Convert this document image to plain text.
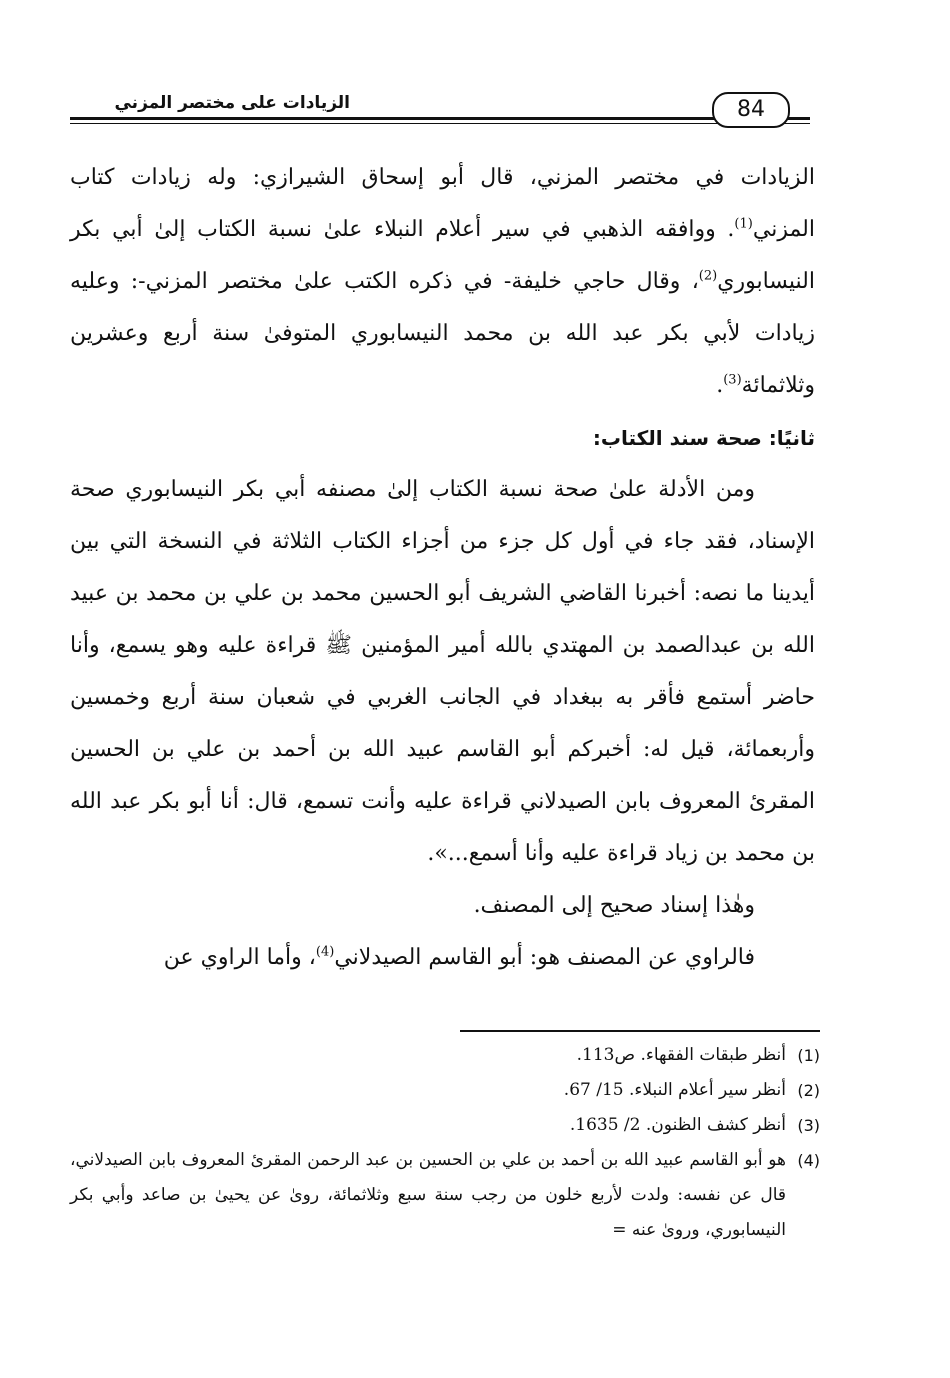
الزيادات على مختصر المزني	84

الزيادات في مختصر المزني، قال أبو إسحاق الشيرازي: وله زيادات كتاب المزني$^{(1)}$. ووافقه الذهبي في سير أعلام النبلاء علىٰ نسبة الكتاب إلىٰ أبي بكر النيسابوري$^{(2)}$، وقال حاجي خليفة- في ذكره الكتب علىٰ مختصر المزني-: وعليه زيادات لأبي بكر عبد الله بن محمد النيسابوري المتوفىٰ سنة أربع وعشرين وثلاثمائة$^{(3)}$.

ثانيًا: صحة سند الكتاب:

ومن الأدلة علىٰ صحة نسبة الكتاب إلىٰ مصنفه أبي بكر النيسابوري صحة الإسناد، فقد جاء في أول كل جزء من أجزاء الكتاب الثلاثة في النسخة التي بين أيدينا ما نصه: أخبرنا القاضي الشريف أبو الحسين محمد بن علي بن محمد بن عبيد الله بن عبدالصمد بن المهتدي بالله أمير المؤمنين ﷺ قراءة عليه وهو يسمع، وأنا حاضر أستمع فأقر به ببغداد في الجانب الغربي في شعبان سنة أربع وخمسين وأربعمائة، قيل له: أخبركم أبو القاسم عبيد الله بن أحمد بن علي بن الحسين المقرئ المعروف بابن الصيدلاني قراءة عليه وأنت تسمع، قال: أنا أبو بكر عبد الله بن محمد بن زياد قراءة عليه وأنا أسمع...».

وهٰذا إسناد صحيح إلى المصنف.

فالراوي عن المصنف هو: أبو القاسم الصيدلاني$^{(4)}$، وأما الراوي عن

(1)
أنظر طبقات الفقهاء. ص113.
(2)
أنظر سير أعلام النبلاء. 15/ 67.
(3)
أنظر كشف الظنون. 2/ 1635.
(4)
هو أبو القاسم عبيد الله بن أحمد بن علي بن الحسين بن عبد الرحمن المقرئ المعروف بابن الصيدلاني، قال عن نفسه: ولدت لأربع خلون من رجب سنة سبع وثلاثمائة، روىٰ عن يحيىٰ بن صاعد وأبي بكر النيسابوري، وروىٰ عنه =
